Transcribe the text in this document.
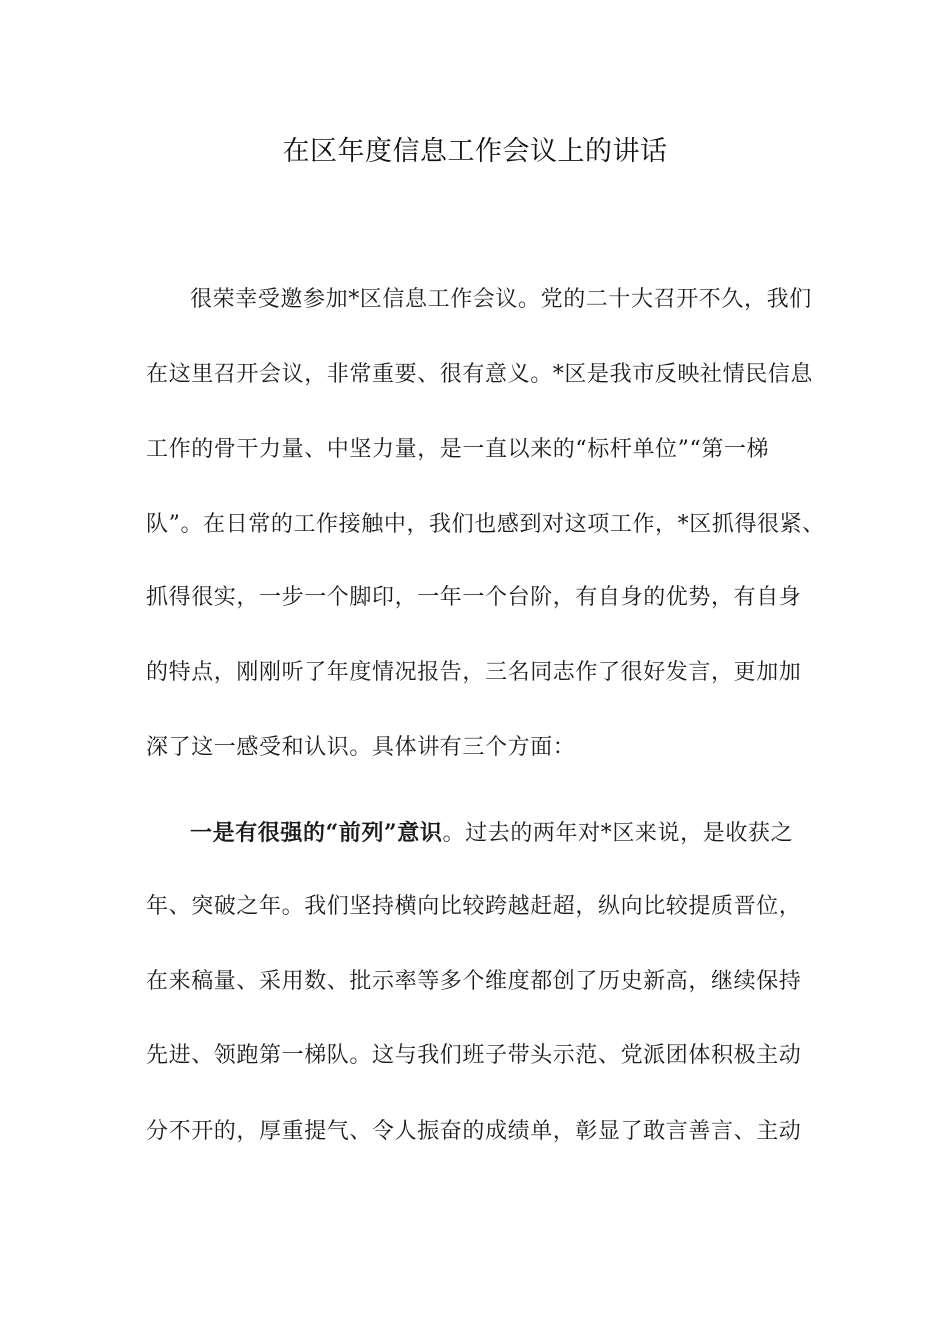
在区年度信息工作会议上的讲话

很荣幸受邀参加*区信息工作会议。党的二十大召开不久，我们

在这里召开会议，非常重要、很有意义。*区是我市反映社情民信息

工作的骨干力量、中坚力量，是一直以来的“标杆单位”“第一梯

队”。在日常的工作接触中，我们也感到对这项工作，*区抓得很紧、

抓得很实，一步一个脚印，一年一个台阶，有自身的优势，有自身

的特点，刚刚听了年度情况报告，三名同志作了很好发言，更加加

深了这一感受和认识。具体讲有三个方面：

一是有很强的“前列”意识。过去的两年对*区来说，是收获之

年、突破之年。我们坚持横向比较跨越赶超，纵向比较提质晋位，

在来稿量、采用数、批示率等多个维度都创了历史新高，继续保持

先进、领跑第一梯队。这与我们班子带头示范、党派团体积极主动

分不开的，厚重提气、令人振奋的成绩单，彰显了敢言善言、主动
